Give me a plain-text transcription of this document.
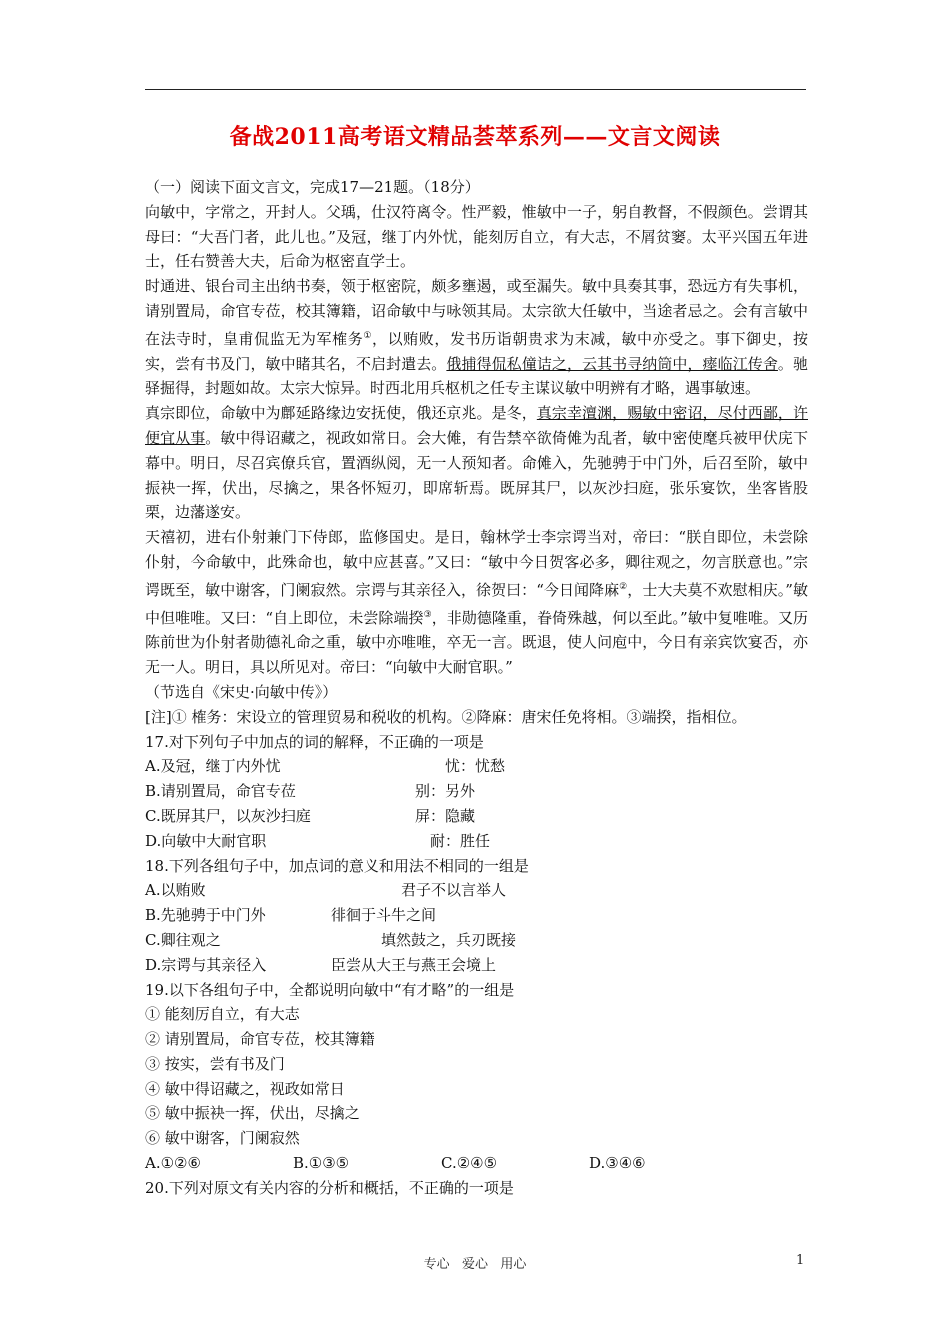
备战2011高考语文精品荟萃系列——文言文阅读

（一）阅读下面文言文，完成17—21题。（18分）

向敏中，字常之，开封人。父瑀，仕汉符离令。性严毅，惟敏中一子，躬自教督，不假颜色。尝谓其母曰：“大吾门者，此儿也。”及冠，继丁内外忧，能刻厉自立，有大志，不屑贫窭。太平兴国五年进士，任右赞善大夫，后命为枢密直学士。

时通进、银台司主出纳书奏，领于枢密院，颇多壅遏，或至漏失。敏中具奏其事，恐远方有失事机，请别置局，命官专莅，校其簿籍，诏命敏中与咏领其局。太宗欲大任敏中，当途者忌之。会有言敏中在法寺时，皇甫侃监无为军榷务①，以贿败，发书历诣朝贵求为末减，敏中亦受之。事下御史，按实，尝有书及门，敏中睹其名，不启封遣去。俄捕得侃私僮诘之，云其书寻纳筒中，瘗临江传舍。驰驿掘得，封题如故。太宗大惊异。时西北用兵枢机之任专主谋议敏中明辨有才略，遇事敏速。

真宗即位，命敏中为鄜延路缘边安抚使，俄还京兆。是冬，真宗幸澶渊，赐敏中密诏，尽付西鄙，许便宜从事。敏中得诏藏之，视政如常日。会大傩，有告禁卒欲倚傩为乱者，敏中密使麾兵被甲伏庑下幕中。明日，尽召宾僚兵官，置酒纵阅，无一人预知者。命傩入，先驰骋于中门外，后召至阶，敏中振袂一挥，伏出，尽擒之，果各怀短刃，即席斩焉。既屏其尸，以灰沙扫庭，张乐宴饮，坐客皆股栗，边藩遂安。

天禧初，进右仆射兼门下侍郎，监修国史。是日，翰林学士李宗谔当对，帝曰：“朕自即位，未尝除仆射，今命敏中，此殊命也，敏中应甚喜。”又曰：“敏中今日贺客必多，卿往观之，勿言朕意也。”宗谔既至，敏中谢客，门阑寂然。宗谔与其亲径入，徐贺曰：“今日闻降麻②，士大夫莫不欢慰相庆。”敏中但唯唯。又曰：“自上即位，未尝除端揆③，非勋德隆重，眷倚殊越，何以至此。”敏中复唯唯。又历陈前世为仆射者勋德礼命之重，敏中亦唯唯，卒无一言。既退，使人问庖中，今日有亲宾饮宴否，亦无一人。明日，具以所见对。帝曰：“向敏中大耐官职。”

（节选自《宋史·向敏中传》）

[注]① 榷务：宋设立的管理贸易和税收的机构。②降麻：唐宋任免将相。③端揆，指相位。

17.对下列句子中加点的词的解释，不正确的一项是

A.及冠，继丁内外忧	忧：忧愁
B.请别置局，命官专莅	别：另外
C.既屏其尸，以灰沙扫庭	屏：隐藏
D.向敏中大耐官职	耐：胜任

18.下列各组句子中，加点词的意义和用法不相同的一组是

A.以贿败	君子不以言举人
B.先驰骋于中门外	徘徊于斗牛之间
C.卿往观之	填然鼓之，兵刃既接
D.宗谔与其亲径入	臣尝从大王与燕王会境上

19.以下各组句子中，全都说明向敏中“有才略”的一组是

① 能刻厉自立，有大志

② 请别置局，命官专莅，校其簿籍

③ 按实，尝有书及门

④ 敏中得诏藏之，视政如常日

⑤ 敏中振袂一挥，伏出，尽擒之

⑥ 敏中谢客，门阑寂然

A.①②⑥	B.①③⑤	C.②④⑤	D.③④⑥

20.下列对原文有关内容的分析和概括，不正确的一项是

专心   爱心   用心	1
